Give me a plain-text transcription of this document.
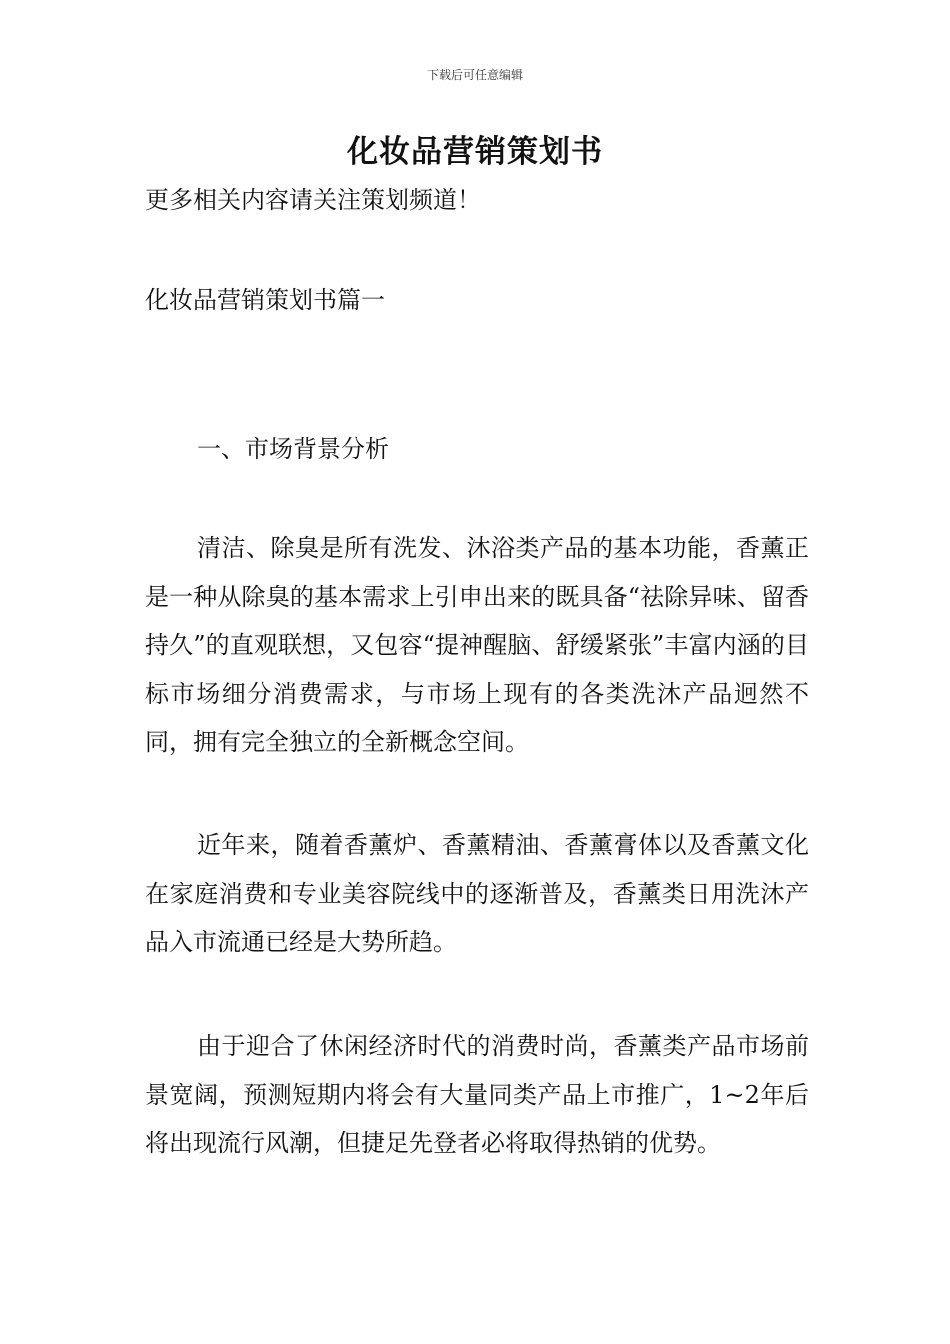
下载后可任意编辑
化妆品营销策划书

更多相关内容请关注策划频道！

化妆品营销策划书篇一

一、市场背景分析

清洁、除臭是所有洗发、沐浴类产品的基本功能，香薰正是一种从除臭的基本需求上引申出来的既具备“祛除异味、留香持久”的直观联想，又包容“提神醒脑、舒缓紧张”丰富内涵的目标市场细分消费需求，与市场上现有的各类洗沐产品迥然不同，拥有完全独立的全新概念空间。

近年来，随着香薰炉、香薰精油、香薰膏体以及香薰文化在家庭消费和专业美容院线中的逐渐普及，香薰类日用洗沐产品入市流通已经是大势所趋。

由于迎合了休闲经济时代的消费时尚，香薰类产品市场前景宽阔，预测短期内将会有大量同类产品上市推广，1~2年后将出现流行风潮，但捷足先登者必将取得热销的优势。
